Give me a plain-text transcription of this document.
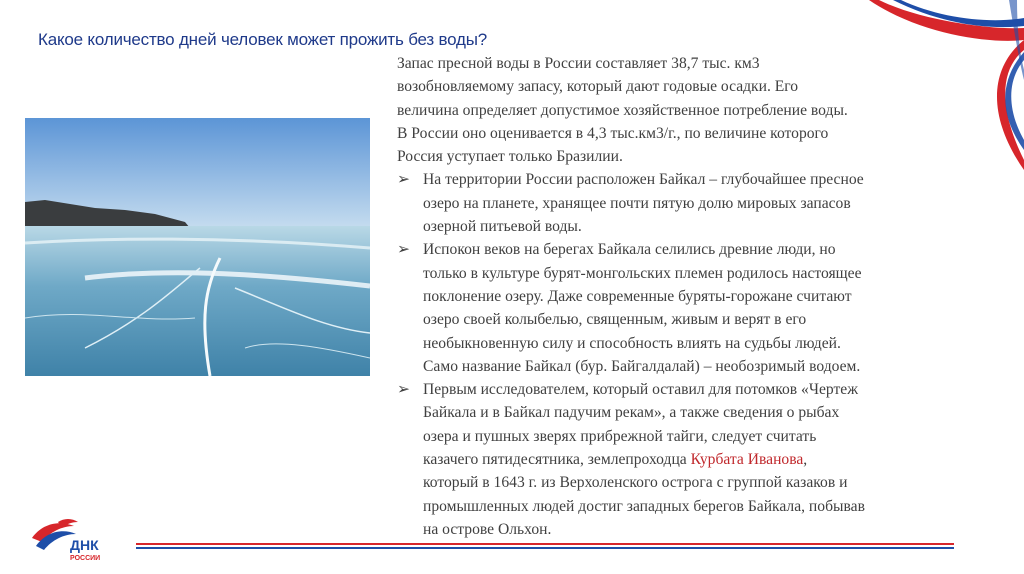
Какое количество дней человек может прожить без воды?

Запас пресной воды в России составляет 38,7 тыс. км3
возобновляемому запасу, который дают годовые осадки. Его
величина определяет допустимое хозяйственное потребление воды.
В России оно оценивается в 4,3 тыс.км3/г., по величине которого
Россия уступает только Бразилии.

➢ На территории России расположен Байкал – глубочайшее пресное
озеро на планете, хранящее почти пятую долю мировых запасов
озерной питьевой воды.
➢ Испокон веков на берегах Байкала селились древние люди, но
только в культуре бурят-монгольских племен родилось настоящее
поклонение озеру. Даже современные буряты-горожане считают
озеро своей колыбелью, священным, живым и верят в его
необыкновенную силу и способность влиять на судьбы людей.
Само название Байкал (бур. Байгалдалай) – необозримый водоем.
➢ Первым исследователем, который оставил для потомков «Чертеж
Байкала и в Байкал падучим рекам», а также сведения о рыбах
озера и пушных зверях прибрежной тайги, следует считать
казачего пятидесятника, землепроходца Курбата Иванова,
который в 1643 г. из Верхоленского острога с группой казаков и
промышленных людей достиг западных берегов Байкала, побывав
на острове Ольхон.
ДНК
РОССИИ
